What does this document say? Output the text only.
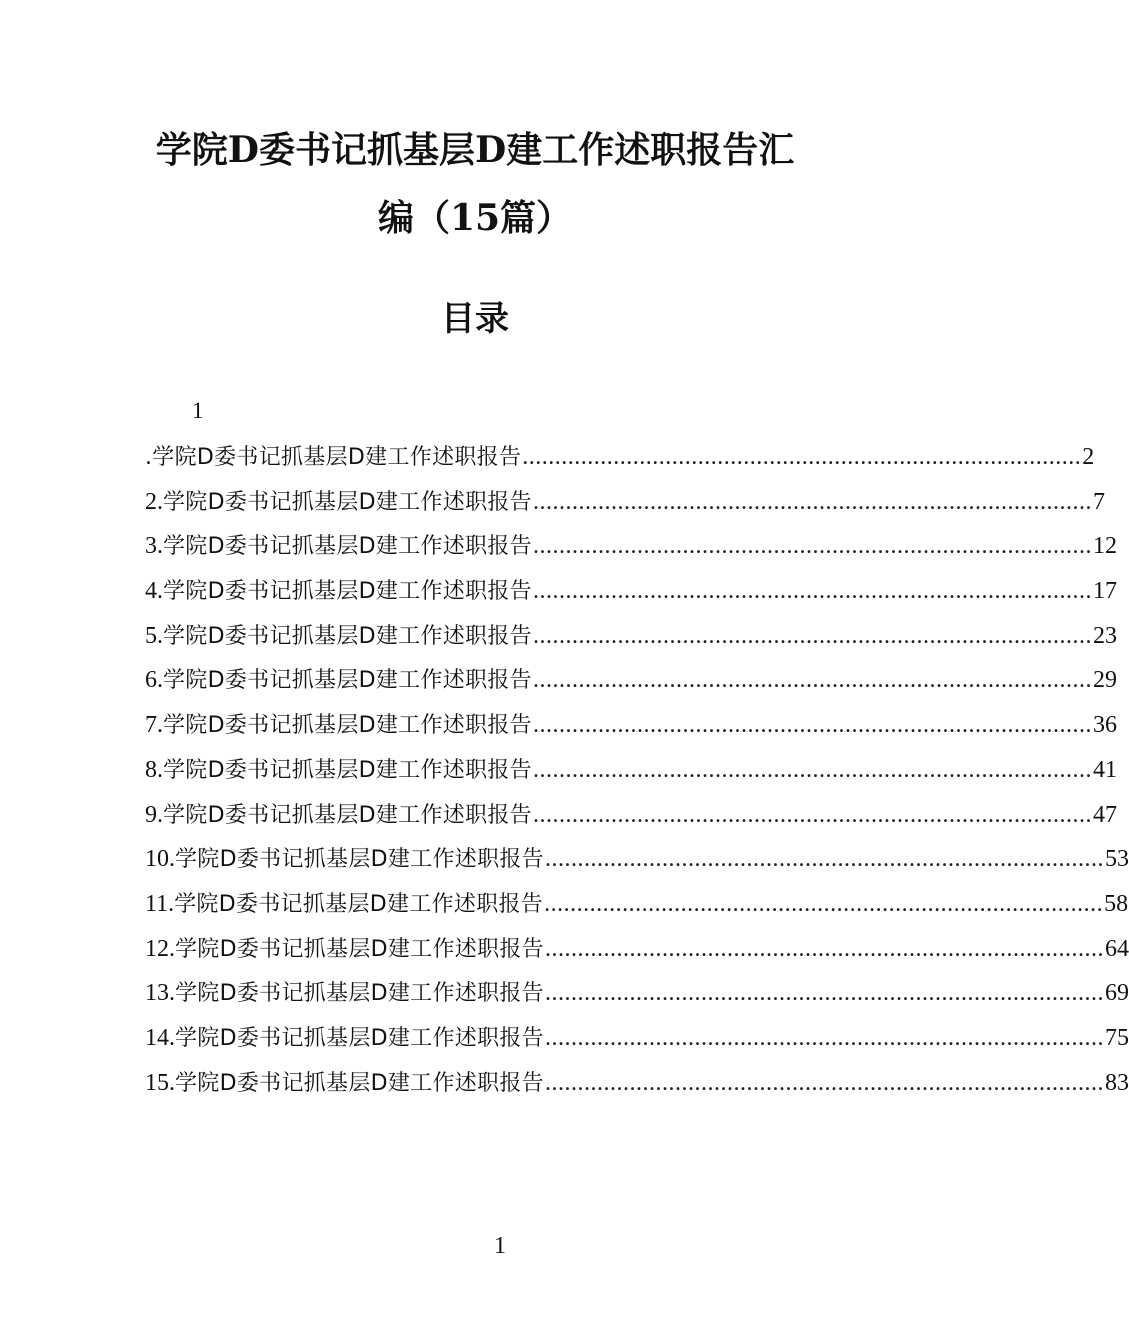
学院D委书记抓基层D建工作述职报告汇
编（15篇）
目录
1
.学院D委书记抓基层D建工作述职报告 ...................................................................................... 2
2.学院D委书记抓基层D建工作述职报告 ...................................................................................... 7
3.学院D委书记抓基层D建工作述职报告 ...................................................................................... 12
4.学院D委书记抓基层D建工作述职报告 ...................................................................................... 17
5.学院D委书记抓基层D建工作述职报告 ...................................................................................... 23
6.学院D委书记抓基层D建工作述职报告 ...................................................................................... 29
7.学院D委书记抓基层D建工作述职报告 ...................................................................................... 36
8.学院D委书记抓基层D建工作述职报告 ...................................................................................... 41
9.学院D委书记抓基层D建工作述职报告 ...................................................................................... 47
10.学院D委书记抓基层D建工作述职报告 ...................................................................................... 53
11.学院D委书记抓基层D建工作述职报告 ...................................................................................... 58
12.学院D委书记抓基层D建工作述职报告 ...................................................................................... 64
13.学院D委书记抓基层D建工作述职报告 ...................................................................................... 69
14.学院D委书记抓基层D建工作述职报告 ...................................................................................... 75
15.学院D委书记抓基层D建工作述职报告 ...................................................................................... 83
1
